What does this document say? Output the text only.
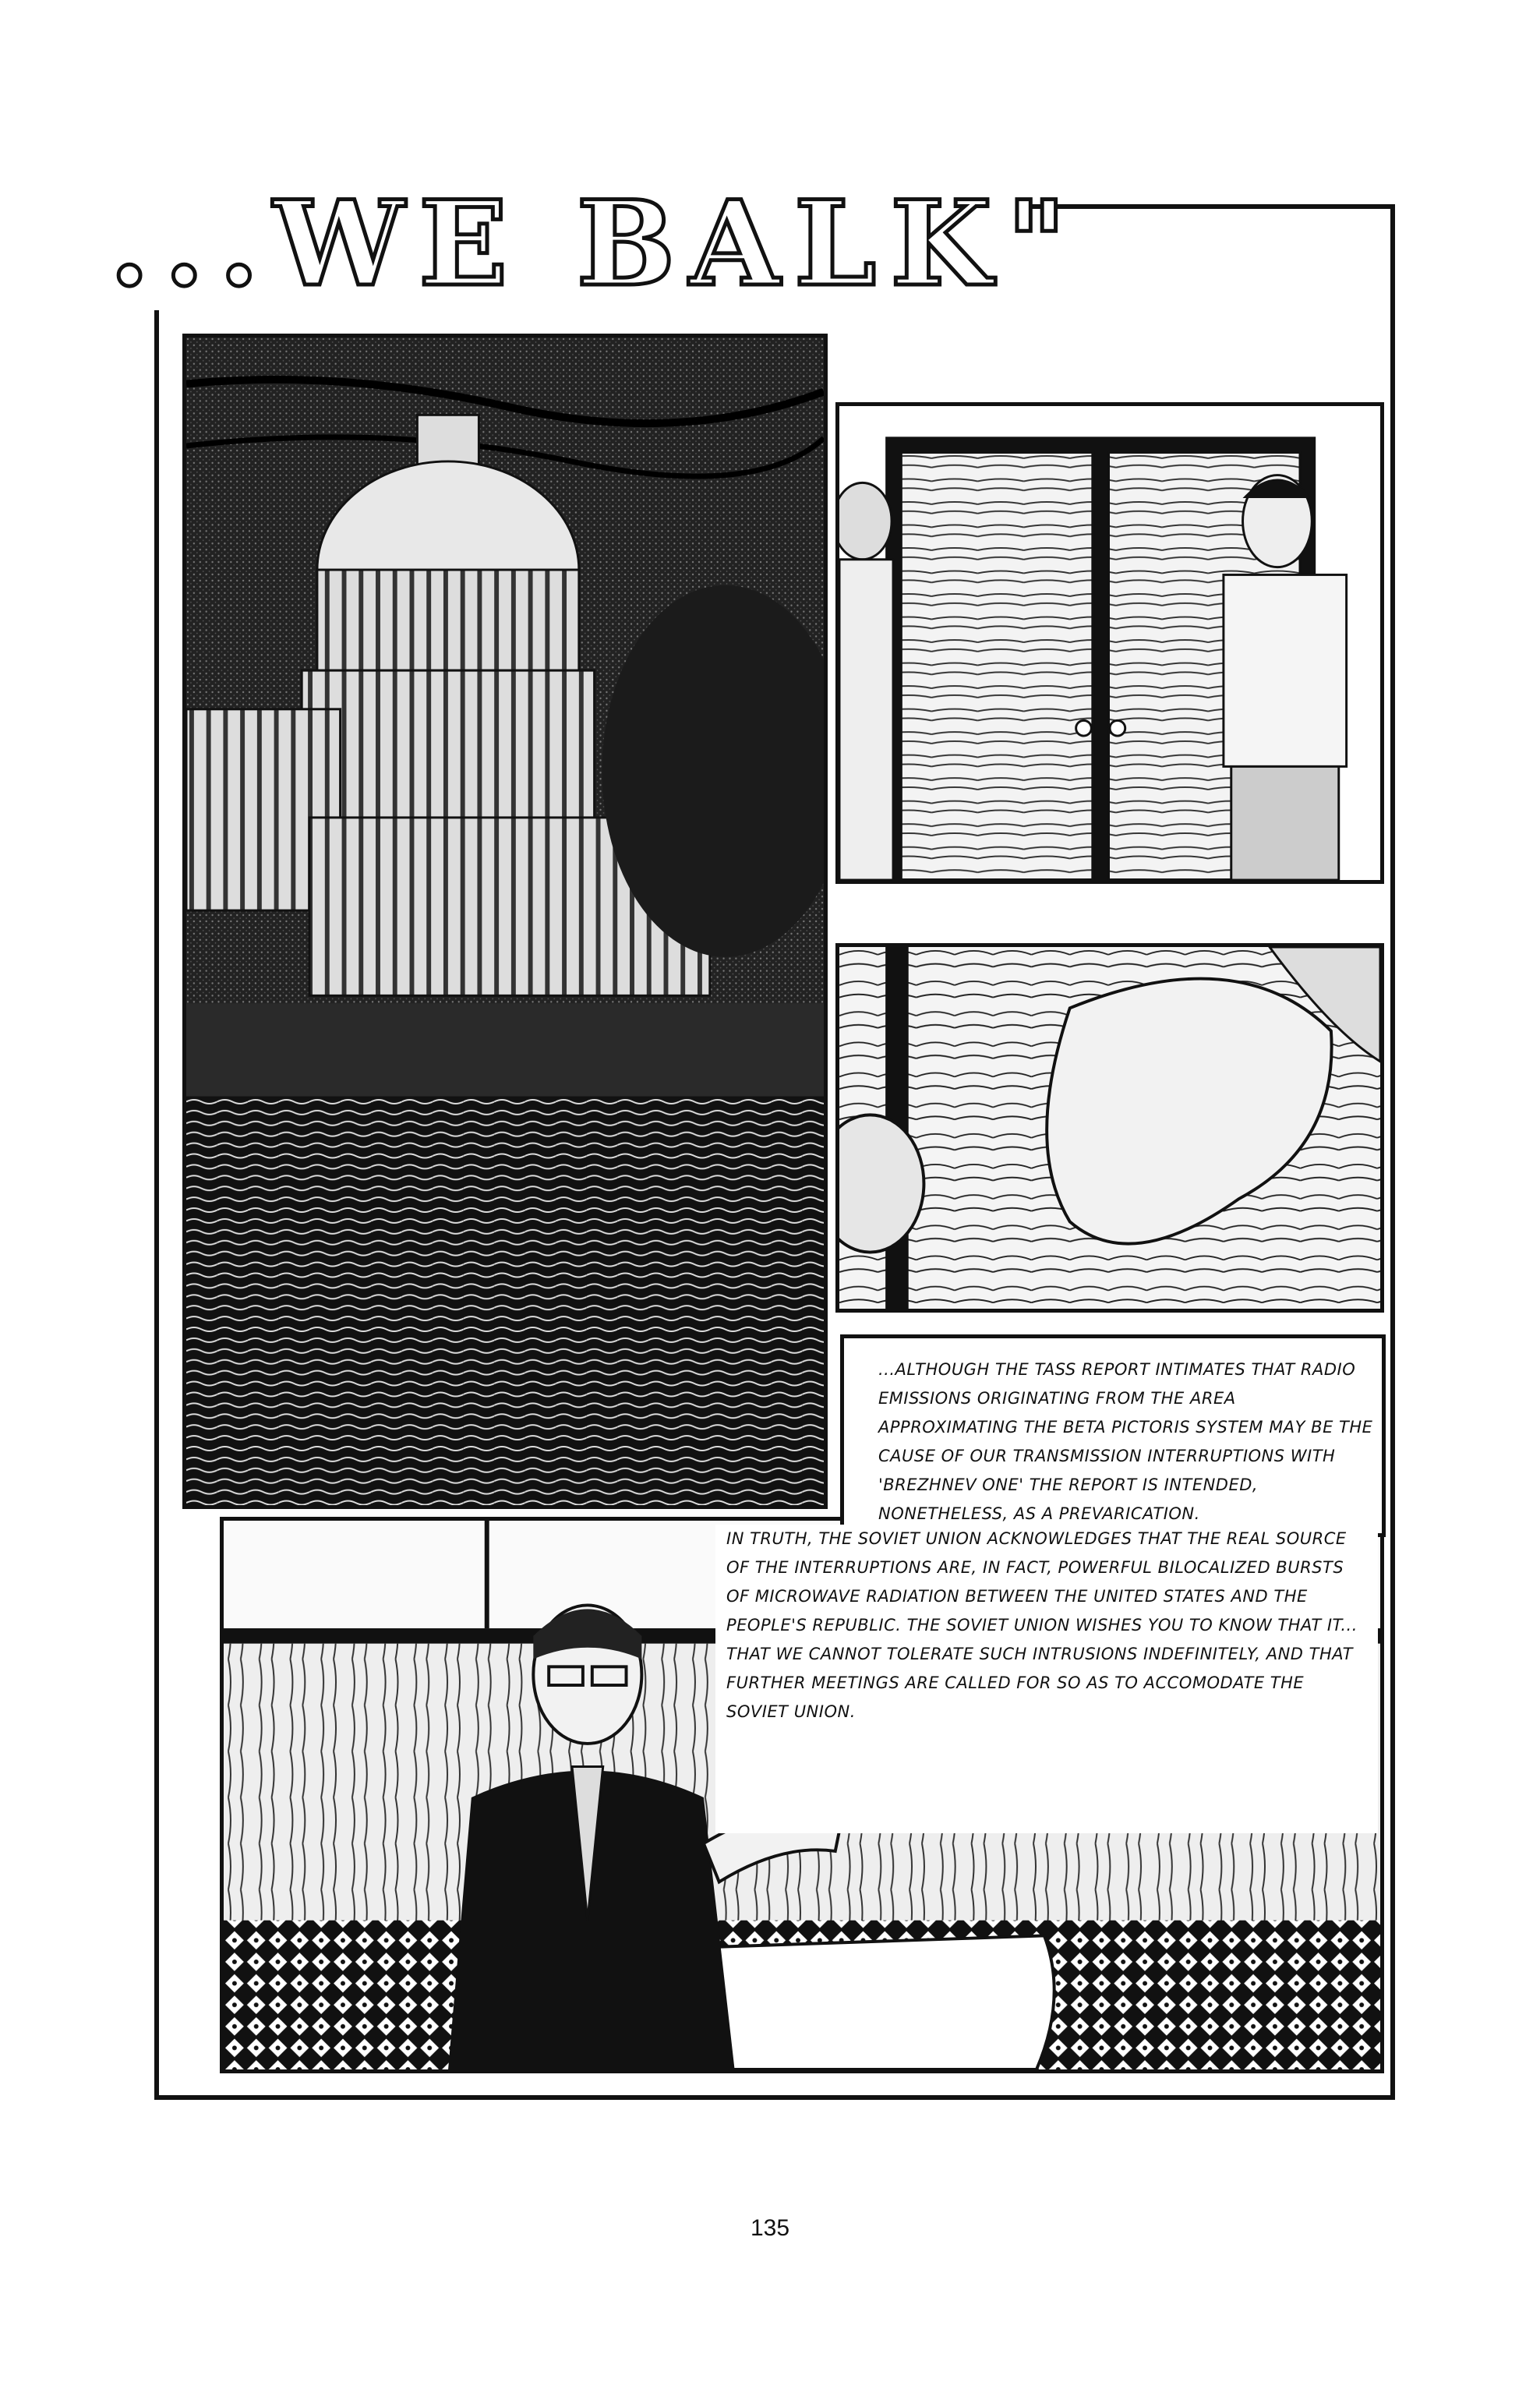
...WE BALK"
...ALTHOUGH THE TASS REPORT INTIMATES THAT RADIO EMISSIONS ORIGINATING FROM THE AREA APPROXIMATING THE BETA PICTORIS SYSTEM MAY BE THE CAUSE OF OUR TRANSMISSION INTERRUPTIONS WITH 'BREZHNEV ONE' THE REPORT IS INTENDED, NONETHELESS, AS A PREVARICATION.
IN TRUTH, THE SOVIET UNION ACKNOWLEDGES THAT THE REAL SOURCE OF THE INTERRUPTIONS ARE, IN FACT, POWERFUL BILOCALIZED BURSTS OF MICROWAVE RADIATION BETWEEN THE UNITED STATES AND THE PEOPLE'S REPUBLIC. THE SOVIET UNION WISHES YOU TO KNOW THAT IT... THAT WE CANNOT TOLERATE SUCH INTRUSIONS INDEFINITELY, AND THAT FURTHER MEETINGS ARE CALLED FOR SO AS TO ACCOMODATE THE SOVIET UNION.
135
